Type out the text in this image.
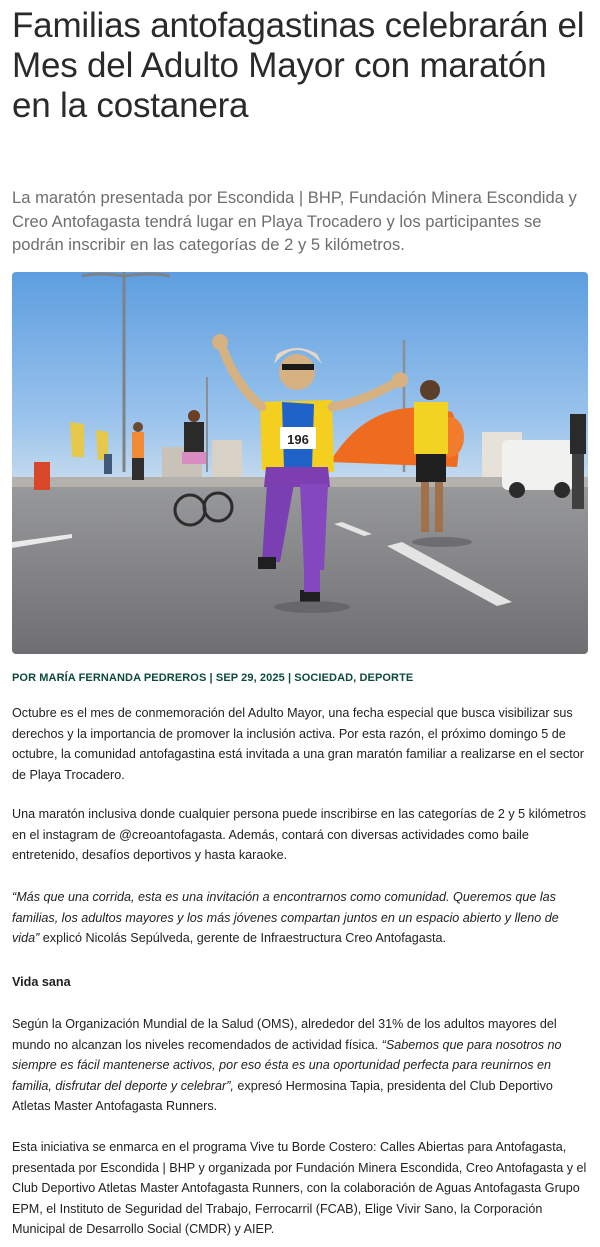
Familias antofagastinas celebrarán el Mes del Adulto Mayor con maratón en la costanera

La maratón presentada por Escondida | BHP, Fundación Minera Escondida y Creo Antofagasta tendrá lugar en Playa Trocadero y los participantes se podrán inscribir en las categorías de 2 y 5 kilómetros.

196
POR MARÍA FERNANDA PEDREROS | SEP 29, 2025 | SOCIEDAD, DEPORTE

Octubre es el mes de conmemoración del Adulto Mayor, una fecha especial que busca visibilizar sus derechos y la importancia de promover la inclusión activa. Por esta razón, el próximo domingo 5 de octubre, la comunidad antofagastina está invitada a una gran maratón familiar a realizarse en el sector de Playa Trocadero.

Una maratón inclusiva donde cualquier persona puede inscribirse en las categorías de 2 y 5 kilómetros en el instagram de @creoantofagasta. Además, contará con diversas actividades como baile entretenido, desafíos deportivos y hasta karaoke.

“Más que una corrida, esta es una invitación a encontrarnos como comunidad. Queremos que las familias, los adultos mayores y los más jóvenes compartan juntos en un espacio abierto y lleno de vida” explicó Nicolás Sepúlveda, gerente de Infraestructura Creo Antofagasta.

Vida sana

Según la Organización Mundial de la Salud (OMS), alrededor del 31% de los adultos mayores del mundo no alcanzan los niveles recomendados de actividad física. “Sabemos que para nosotros no siempre es fácil mantenerse activos, por eso ésta es una oportunidad perfecta para reunirnos en familia, disfrutar del deporte y celebrar”, expresó Hermosina Tapia, presidenta del Club Deportivo Atletas Master Antofagasta Runners.

Esta iniciativa se enmarca en el programa Vive tu Borde Costero: Calles Abiertas para Antofagasta, presentada por Escondida | BHP y organizada por Fundación Minera Escondida, Creo Antofagasta y el Club Deportivo Atletas Master Antofagasta Runners, con la colaboración de Aguas Antofagasta Grupo EPM, el Instituto de Seguridad del Trabajo, Ferrocarril (FCAB), Elige Vivir Sano, la Corporación Municipal de Desarrollo Social (CMDR) y AIEP.
